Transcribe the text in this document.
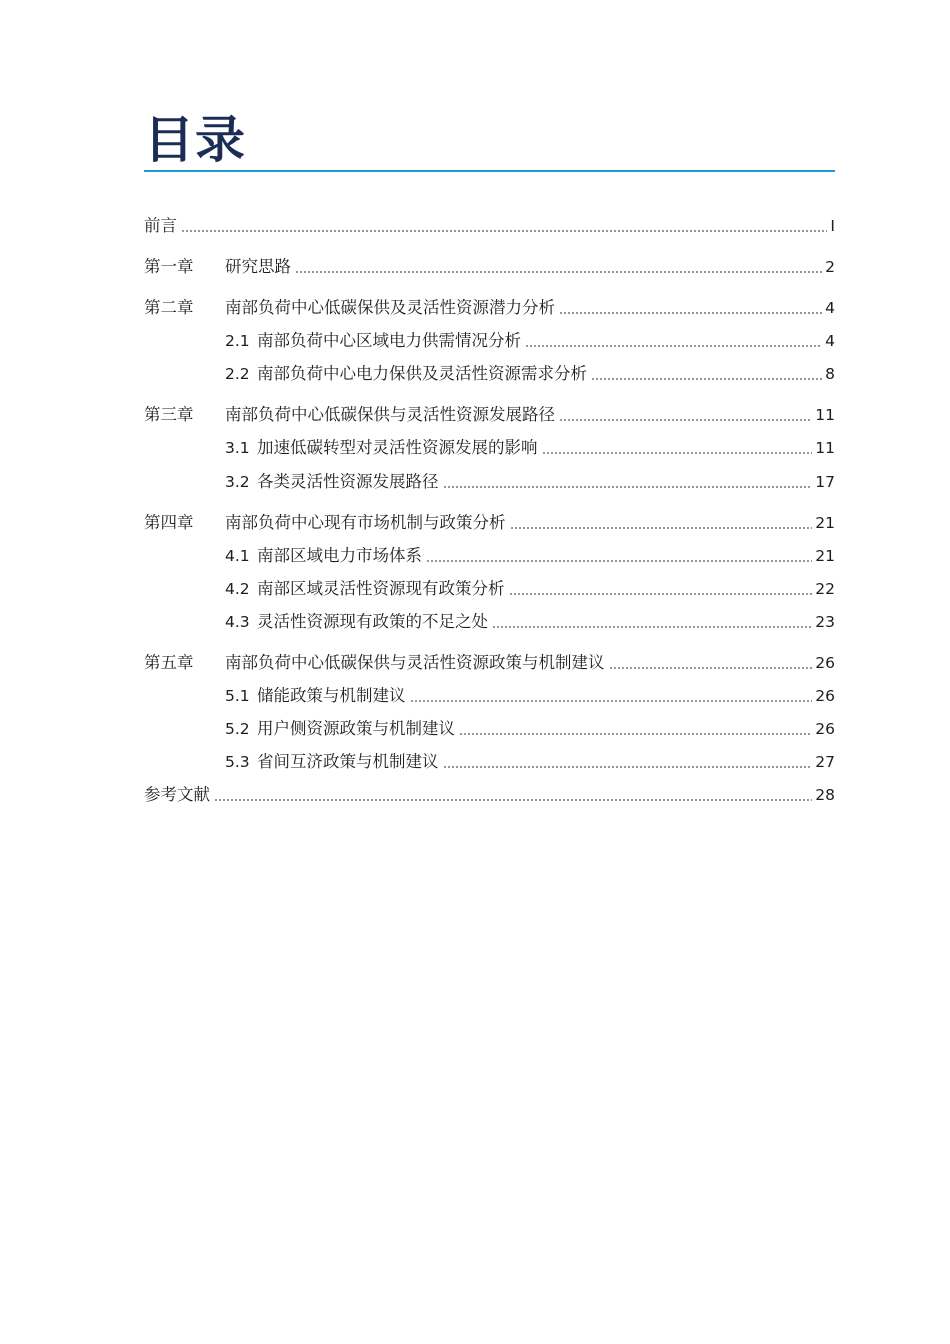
目录
前言	I
第一章	研究思路	2
第二章	南部负荷中心低碳保供及灵活性资源潜力分析	4
2.1 南部负荷中心区域电力供需情况分析	4
2.2 南部负荷中心电力保供及灵活性资源需求分析	8
第三章	南部负荷中心低碳保供与灵活性资源发展路径	11
3.1 加速低碳转型对灵活性资源发展的影响	11
3.2 各类灵活性资源发展路径	17
第四章	南部负荷中心现有市场机制与政策分析	21
4.1 南部区域电力市场体系	21
4.2 南部区域灵活性资源现有政策分析	22
4.3 灵活性资源现有政策的不足之处	23
第五章	南部负荷中心低碳保供与灵活性资源政策与机制建议	26
5.1 储能政策与机制建议	26
5.2 用户侧资源政策与机制建议	26
5.3 省间互济政策与机制建议	27
参考文献	28
